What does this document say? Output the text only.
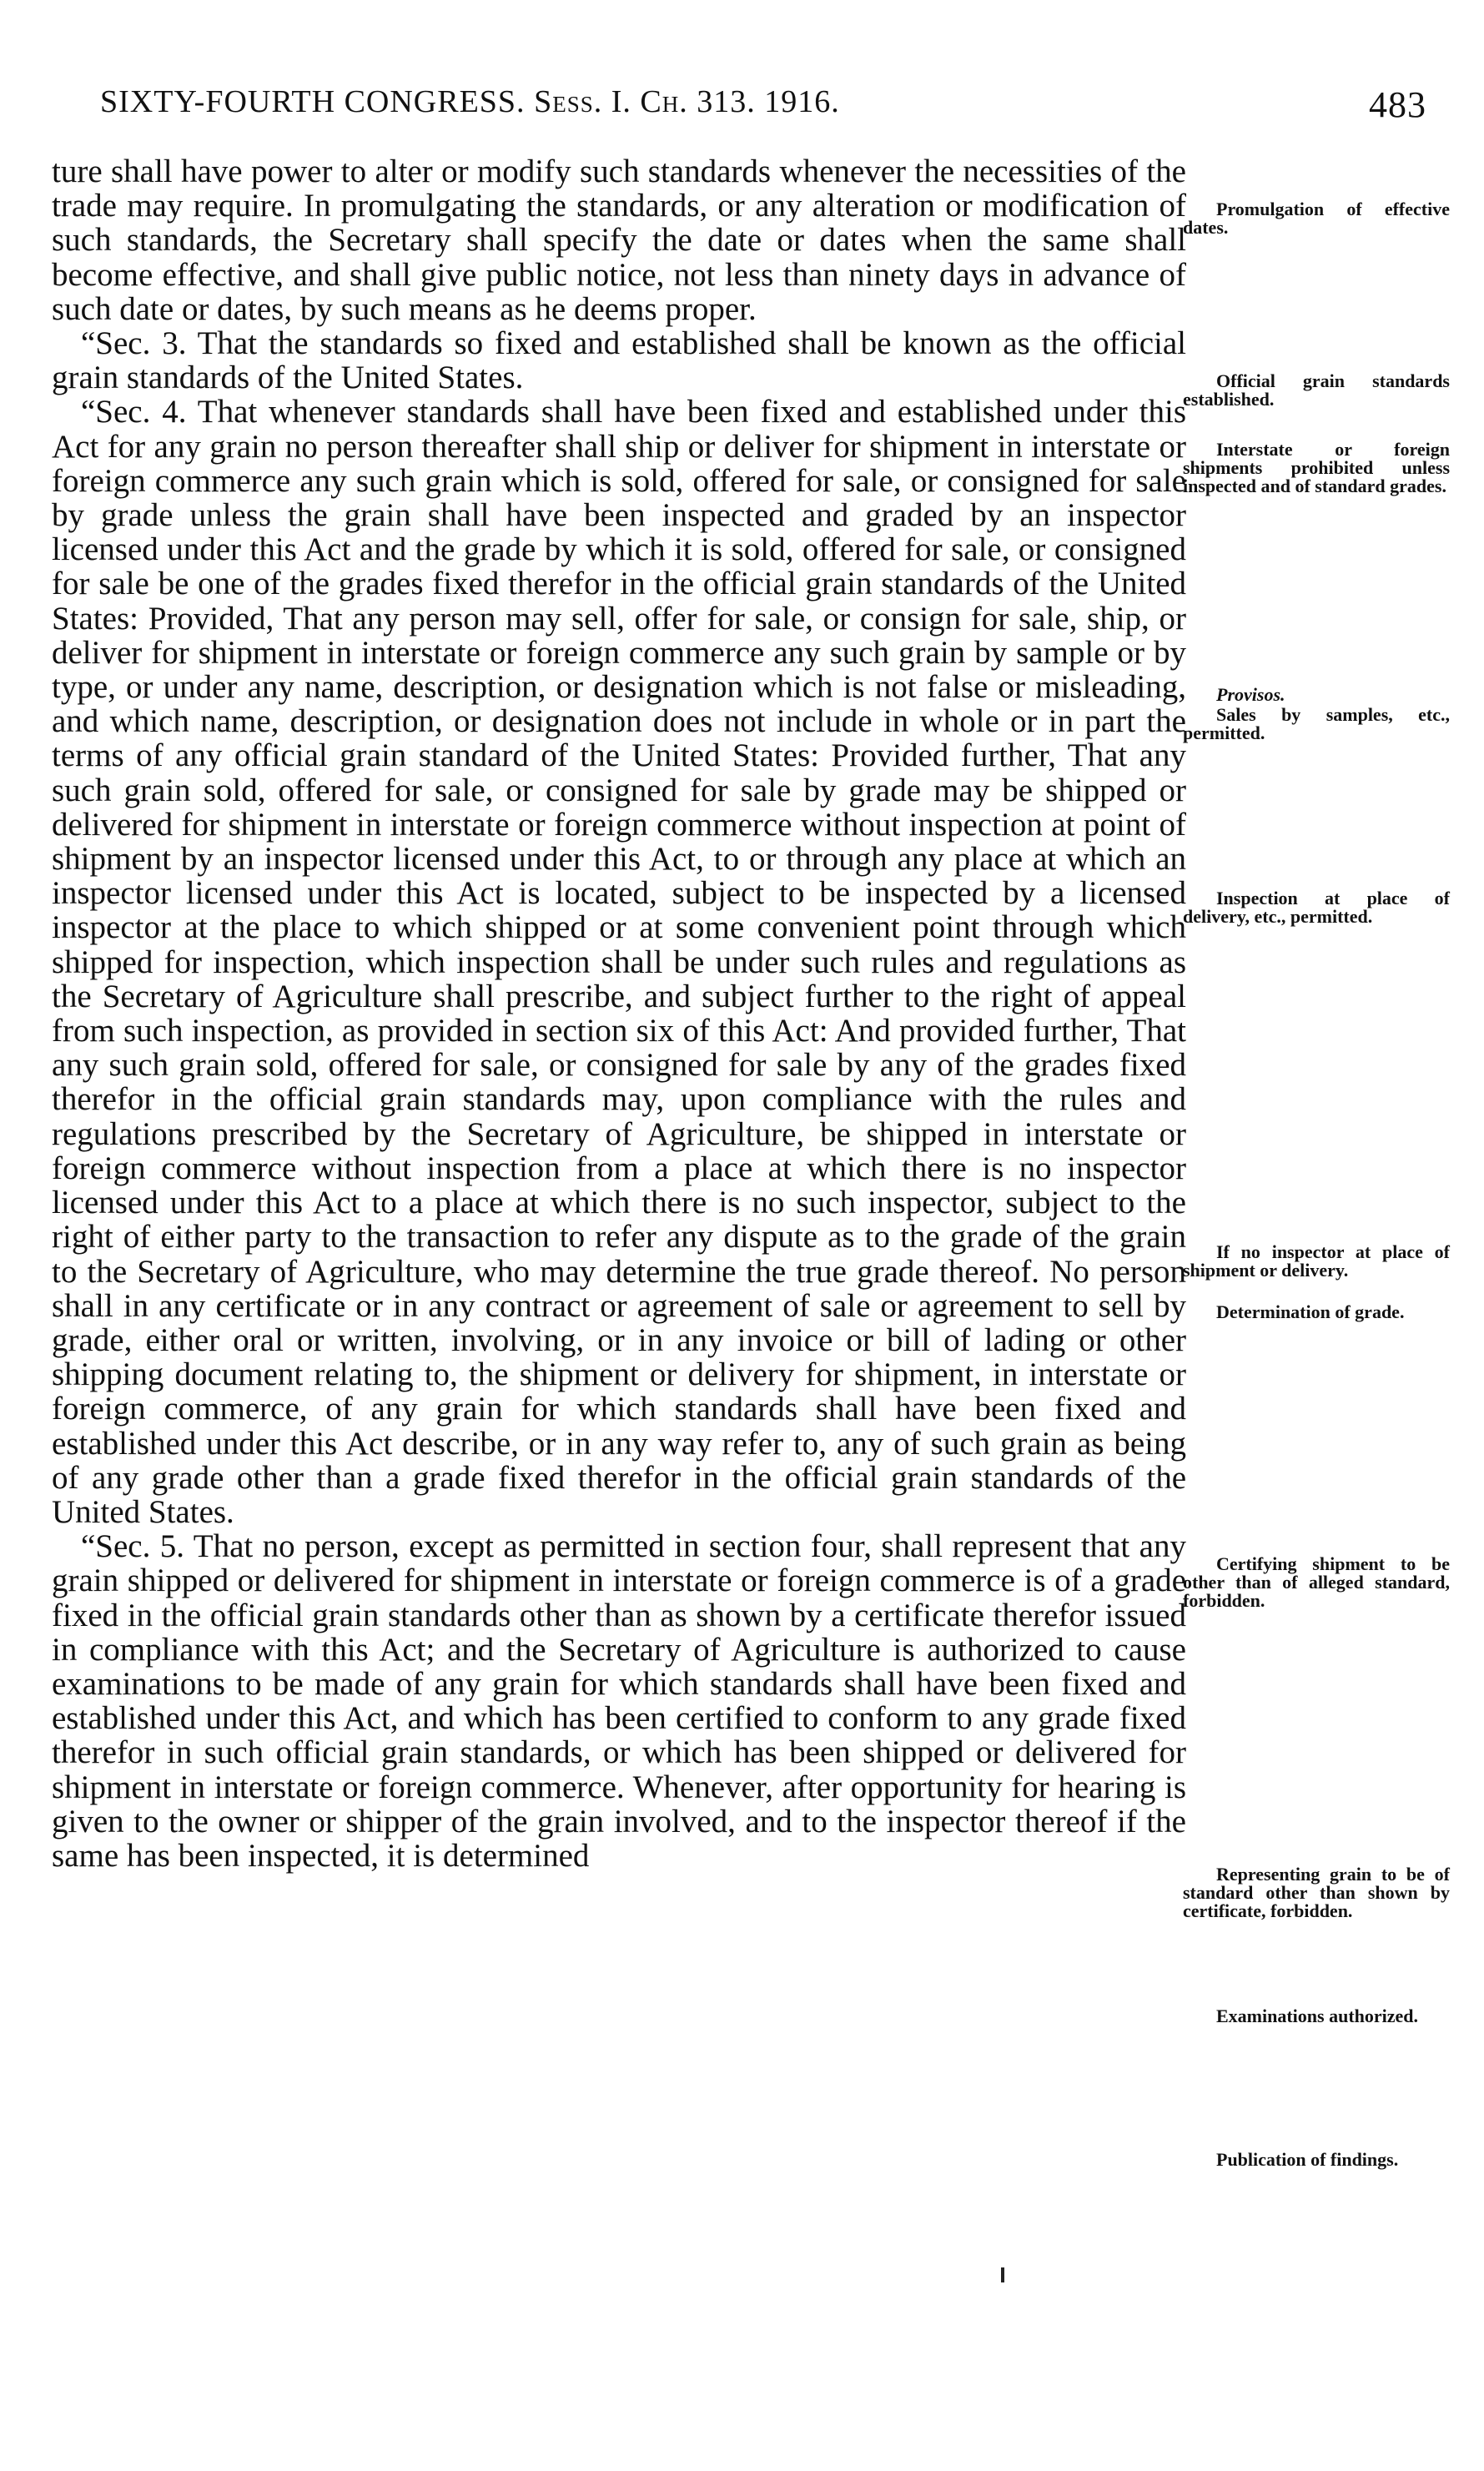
SIXTY-FOURTH CONGRESS. Sess. I. Ch. 313. 1916.	483

ture shall have power to alter or modify such standards whenever the necessities of the trade may require. In promulgating the standards, or any alteration or modification of such standards, the Secretary shall specify the date or dates when the same shall become effective, and shall give public notice, not less than ninety days in advance of such date or dates, by such means as he deems proper.

“Sec. 3. That the standards so fixed and established shall be known as the official grain standards of the United States.

“Sec. 4. That whenever standards shall have been fixed and established under this Act for any grain no person thereafter shall ship or deliver for shipment in interstate or foreign commerce any such grain which is sold, offered for sale, or consigned for sale by grade unless the grain shall have been inspected and graded by an inspector licensed under this Act and the grade by which it is sold, offered for sale, or consigned for sale be one of the grades fixed therefor in the official grain standards of the United States: Provided, That any person may sell, offer for sale, or consign for sale, ship, or deliver for shipment in interstate or foreign commerce any such grain by sample or by type, or under any name, description, or designation which is not false or misleading, and which name, description, or designation does not include in whole or in part the terms of any official grain standard of the United States: Provided further, That any such grain sold, offered for sale, or consigned for sale by grade may be shipped or delivered for shipment in interstate or foreign commerce without inspection at point of shipment by an inspector licensed under this Act, to or through any place at which an inspector licensed under this Act is located, subject to be inspected by a licensed inspector at the place to which shipped or at some convenient point through which shipped for inspection, which inspection shall be under such rules and regulations as the Secretary of Agriculture shall prescribe, and subject further to the right of appeal from such inspection, as provided in section six of this Act: And provided further, That any such grain sold, offered for sale, or consigned for sale by any of the grades fixed therefor in the official grain standards may, upon compliance with the rules and regulations prescribed by the Secretary of Agriculture, be shipped in interstate or foreign commerce without inspection from a place at which there is no inspector licensed under this Act to a place at which there is no such inspector, subject to the right of either party to the transaction to refer any dispute as to the grade of the grain to the Secretary of Agriculture, who may determine the true grade thereof. No person shall in any certificate or in any contract or agreement of sale or agreement to sell by grade, either oral or written, involving, or in any invoice or bill of lading or other shipping document relating to, the shipment or delivery for shipment, in interstate or foreign commerce, of any grain for which standards shall have been fixed and established under this Act describe, or in any way refer to, any of such grain as being of any grade other than a grade fixed therefor in the official grain standards of the United States.

“Sec. 5. That no person, except as permitted in section four, shall represent that any grain shipped or delivered for shipment in interstate or foreign commerce is of a grade fixed in the official grain standards other than as shown by a certificate therefor issued in compliance with this Act; and the Secretary of Agriculture is authorized to cause examinations to be made of any grain for which standards shall have been fixed and established under this Act, and which has been certified to conform to any grade fixed therefor in such official grain standards, or which has been shipped or delivered for shipment in interstate or foreign commerce. Whenever, after opportunity for hearing is given to the owner or shipper of the grain involved, and to the inspector thereof if the same has been inspected, it is determined

Promulgation of effective dates.
Official grain standards established.
Interstate or foreign shipments prohibited unless inspected and of standard grades.
Provisos.
Sales by samples, etc., permitted.
Inspection at place of delivery, etc., permitted.
If no inspector at place of shipment or delivery.
Determination of grade.
Certifying shipment to be other than of alleged standard, forbidden.
Representing grain to be of standard other than shown by certificate, forbidden.
Examinations authorized.
Publication of findings.
